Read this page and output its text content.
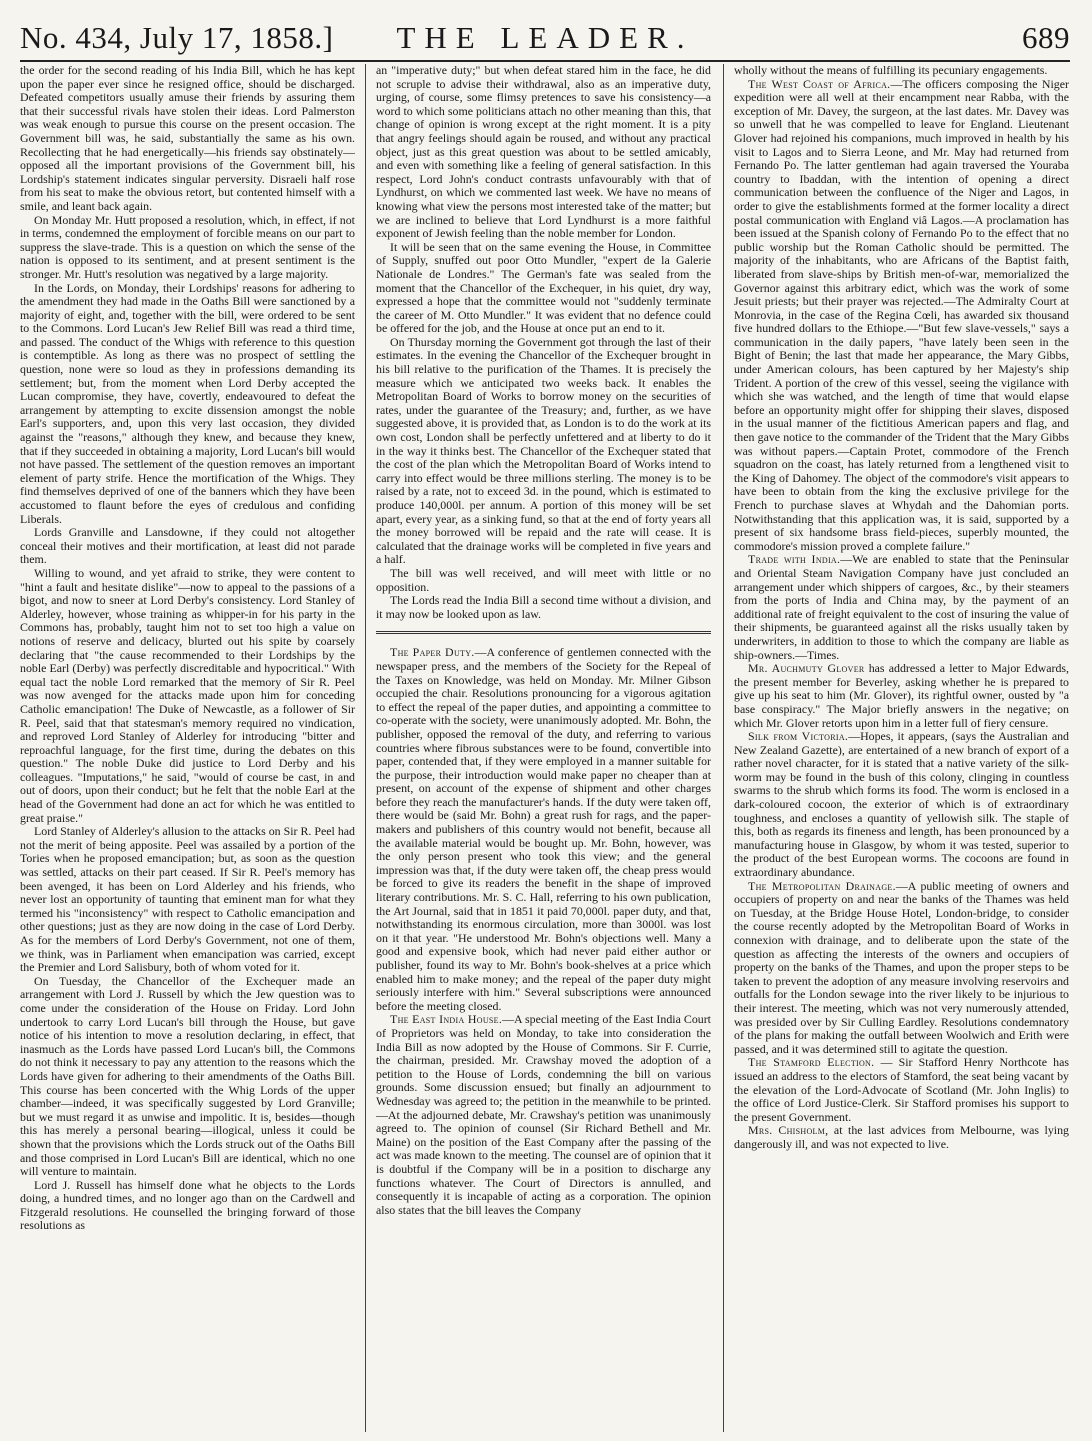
No. 434, July 17, 1858.]	THE LEADER.	689

the order for the second reading of his India Bill, which he has kept upon the paper ever since he resigned office, should be discharged. Defeated competitors usually amuse their friends by assuring them that their successful rivals have stolen their ideas. Lord Palmerston was weak enough to pursue this course on the present occasion. The Government bill was, he said, substantially the same as his own. Recollecting that he had energetically—his friends say obstinately—opposed all the important provisions of the Government bill, his Lordship's statement indicates singular perversity. Disraeli half rose from his seat to make the obvious retort, but contented himself with a smile, and leant back again.

On Monday Mr. Hutt proposed a resolution, which, in effect, if not in terms, condemned the employment of forcible means on our part to suppress the slave-trade. This is a question on which the sense of the nation is opposed to its sentiment, and at present sentiment is the stronger. Mr. Hutt's resolution was negatived by a large majority.

In the Lords, on Monday, their Lordships' reasons for adhering to the amendment they had made in the Oaths Bill were sanctioned by a majority of eight, and, together with the bill, were ordered to be sent to the Commons. Lord Lucan's Jew Relief Bill was read a third time, and passed. The conduct of the Whigs with reference to this question is contemptible. As long as there was no prospect of settling the question, none were so loud as they in professions demanding its settlement; but, from the moment when Lord Derby accepted the Lucan compromise, they have, covertly, endeavoured to defeat the arrangement by attempting to excite dissension amongst the noble Earl's supporters, and, upon this very last occasion, they divided against the "reasons," although they knew, and because they knew, that if they succeeded in obtaining a majority, Lord Lucan's bill would not have passed. The settlement of the question removes an important element of party strife. Hence the mortification of the Whigs. They find themselves deprived of one of the banners which they have been accustomed to flaunt before the eyes of credulous and confiding Liberals.

Lords Granville and Lansdowne, if they could not altogether conceal their motives and their mortification, at least did not parade them.

Willing to wound, and yet afraid to strike, they were content to "hint a fault and hesitate dislike"—now to appeal to the passions of a bigot, and now to sneer at Lord Derby's consistency. Lord Stanley of Alderley, however, whose training as whipper-in for his party in the Commons has, probably, taught him not to set too high a value on notions of reserve and delicacy, blurted out his spite by coarsely declaring that "the cause recommended to their Lordships by the noble Earl (Derby) was perfectly discreditable and hypocritical." With equal tact the noble Lord remarked that the memory of Sir R. Peel was now avenged for the attacks made upon him for conceding Catholic emancipation! The Duke of Newcastle, as a follower of Sir R. Peel, said that that statesman's memory required no vindication, and reproved Lord Stanley of Alderley for introducing "bitter and reproachful language, for the first time, during the debates on this question." The noble Duke did justice to Lord Derby and his colleagues. "Imputations," he said, "would of course be cast, in and out of doors, upon their conduct; but he felt that the noble Earl at the head of the Government had done an act for which he was entitled to great praise."

Lord Stanley of Alderley's allusion to the attacks on Sir R. Peel had not the merit of being apposite. Peel was assailed by a portion of the Tories when he proposed emancipation; but, as soon as the question was settled, attacks on their part ceased. If Sir R. Peel's memory has been avenged, it has been on Lord Alderley and his friends, who never lost an opportunity of taunting that eminent man for what they termed his "inconsistency" with respect to Catholic emancipation and other questions; just as they are now doing in the case of Lord Derby. As for the members of Lord Derby's Government, not one of them, we think, was in Parliament when emancipation was carried, except the Premier and Lord Salisbury, both of whom voted for it.

On Tuesday, the Chancellor of the Exchequer made an arrangement with Lord J. Russell by which the Jew question was to come under the consideration of the House on Friday. Lord John undertook to carry Lord Lucan's bill through the House, but gave notice of his intention to move a resolution declaring, in effect, that inasmuch as the Lords have passed Lord Lucan's bill, the Commons do not think it necessary to pay any attention to the reasons which the Lords have given for adhering to their amendments of the Oaths Bill. This course has been concerted with the Whig Lords of the upper chamber—indeed, it was specifically suggested by Lord Granville; but we must regard it as unwise and impolitic. It is, besides—though this has merely a personal bearing—illogical, unless it could be shown that the provisions which the Lords struck out of the Oaths Bill and those comprised in Lord Lucan's Bill are identical, which no one will venture to maintain.

Lord J. Russell has himself done what he objects to the Lords doing, a hundred times, and no longer ago than on the Cardwell and Fitzgerald resolutions. He counselled the bringing forward of those resolutions as

an "imperative duty;" but when defeat stared him in the face, he did not scruple to advise their withdrawal, also as an imperative duty, urging, of course, some flimsy pretences to save his consistency—a word to which some politicians attach no other meaning than this, that change of opinion is wrong except at the right moment. It is a pity that angry feelings should again be roused, and without any practical object, just as this great question was about to be settled amicably, and even with something like a feeling of general satisfaction. In this respect, Lord John's conduct contrasts unfavourably with that of Lyndhurst, on which we commented last week. We have no means of knowing what view the persons most interested take of the matter; but we are inclined to believe that Lord Lyndhurst is a more faithful exponent of Jewish feeling than the noble member for London.

It will be seen that on the same evening the House, in Committee of Supply, snuffed out poor Otto Mundler, "expert de la Galerie Nationale de Londres." The German's fate was sealed from the moment that the Chancellor of the Exchequer, in his quiet, dry way, expressed a hope that the committee would not "suddenly terminate the career of M. Otto Mundler." It was evident that no defence could be offered for the job, and the House at once put an end to it.

On Thursday morning the Government got through the last of their estimates. In the evening the Chancellor of the Exchequer brought in his bill relative to the purification of the Thames. It is precisely the measure which we anticipated two weeks back. It enables the Metropolitan Board of Works to borrow money on the securities of rates, under the guarantee of the Treasury; and, further, as we have suggested above, it is provided that, as London is to do the work at its own cost, London shall be perfectly unfettered and at liberty to do it in the way it thinks best. The Chancellor of the Exchequer stated that the cost of the plan which the Metropolitan Board of Works intend to carry into effect would be three millions sterling. The money is to be raised by a rate, not to exceed 3d. in the pound, which is estimated to produce 140,000l. per annum. A portion of this money will be set apart, every year, as a sinking fund, so that at the end of forty years all the money borrowed will be repaid and the rate will cease. It is calculated that the drainage works will be completed in five years and a half.

The bill was well received, and will meet with little or no opposition.

The Lords read the India Bill a second time without a division, and it may now be looked upon as law.

The Paper Duty.—A conference of gentlemen connected with the newspaper press, and the members of the Society for the Repeal of the Taxes on Knowledge, was held on Monday. Mr. Milner Gibson occupied the chair. Resolutions pronouncing for a vigorous agitation to effect the repeal of the paper duties, and appointing a committee to co-operate with the society, were unanimously adopted. Mr. Bohn, the publisher, opposed the removal of the duty, and referring to various countries where fibrous substances were to be found, convertible into paper, contended that, if they were employed in a manner suitable for the purpose, their introduction would make paper no cheaper than at present, on account of the expense of shipment and other charges before they reach the manufacturer's hands. If the duty were taken off, there would be (said Mr. Bohn) a great rush for rags, and the paper-makers and publishers of this country would not benefit, because all the available material would be bought up. Mr. Bohn, however, was the only person present who took this view; and the general impression was that, if the duty were taken off, the cheap press would be forced to give its readers the benefit in the shape of improved literary contributions. Mr. S. C. Hall, referring to his own publication, the Art Journal, said that in 1851 it paid 70,000l. paper duty, and that, notwithstanding its enormous circulation, more than 3000l. was lost on it that year. "He understood Mr. Bohn's objections well. Many a good and expensive book, which had never paid either author or publisher, found its way to Mr. Bohn's book-shelves at a price which enabled him to make money; and the repeal of the paper duty might seriously interfere with him." Several subscriptions were announced before the meeting closed.

The East India House.—A special meeting of the East India Court of Proprietors was held on Monday, to take into consideration the India Bill as now adopted by the House of Commons. Sir F. Currie, the chairman, presided. Mr. Crawshay moved the adoption of a petition to the House of Lords, condemning the bill on various grounds. Some discussion ensued; but finally an adjournment to Wednesday was agreed to; the petition in the meanwhile to be printed.—At the adjourned debate, Mr. Crawshay's petition was unanimously agreed to. The opinion of counsel (Sir Richard Bethell and Mr. Maine) on the position of the East Company after the passing of the act was made known to the meeting. The counsel are of opinion that it is doubtful if the Company will be in a position to discharge any functions whatever. The Court of Directors is annulled, and consequently it is incapable of acting as a corporation. The opinion also states that the bill leaves the Company

wholly without the means of fulfilling its pecuniary engagements.

The West Coast of Africa.—The officers composing the Niger expedition were all well at their encampment near Rabba, with the exception of Mr. Davey, the surgeon, at the last dates. Mr. Davey was so unwell that he was compelled to leave for England. Lieutenant Glover had rejoined his companions, much improved in health by his visit to Lagos and to Sierra Leone, and Mr. May had returned from Fernando Po. The latter gentleman had again traversed the Youraba country to Ibaddan, with the intention of opening a direct communication between the confluence of the Niger and Lagos, in order to give the establishments formed at the former locality a direct postal communication with England viâ Lagos.—A proclamation has been issued at the Spanish colony of Fernando Po to the effect that no public worship but the Roman Catholic should be permitted. The majority of the inhabitants, who are Africans of the Baptist faith, liberated from slave-ships by British men-of-war, memorialized the Governor against this arbitrary edict, which was the work of some Jesuit priests; but their prayer was rejected.—The Admiralty Court at Monrovia, in the case of the Regina Cœli, has awarded six thousand five hundred dollars to the Ethiope.—"But few slave-vessels," says a communication in the daily papers, "have lately been seen in the Bight of Benin; the last that made her appearance, the Mary Gibbs, under American colours, has been captured by her Majesty's ship Trident. A portion of the crew of this vessel, seeing the vigilance with which she was watched, and the length of time that would elapse before an opportunity might offer for shipping their slaves, disposed in the usual manner of the fictitious American papers and flag, and then gave notice to the commander of the Trident that the Mary Gibbs was without papers.—Captain Protet, commodore of the French squadron on the coast, has lately returned from a lengthened visit to the King of Dahomey. The object of the commodore's visit appears to have been to obtain from the king the exclusive privilege for the French to purchase slaves at Whydah and the Dahomian ports. Notwithstanding that this application was, it is said, supported by a present of six handsome brass field-pieces, superbly mounted, the commodore's mission proved a complete failure."

Trade with India.—We are enabled to state that the Peninsular and Oriental Steam Navigation Company have just concluded an arrangement under which shippers of cargoes, &c., by their steamers from the ports of India and China may, by the payment of an additional rate of freight equivalent to the cost of insuring the value of their shipments, be guaranteed against all the risks usually taken by underwriters, in addition to those to which the company are liable as ship-owners.—Times.

Mr. Auchmuty Glover has addressed a letter to Major Edwards, the present member for Beverley, asking whether he is prepared to give up his seat to him (Mr. Glover), its rightful owner, ousted by "a base conspiracy." The Major briefly answers in the negative; on which Mr. Glover retorts upon him in a letter full of fiery censure.

Silk from Victoria.—Hopes, it appears, (says the Australian and New Zealand Gazette), are entertained of a new branch of export of a rather novel character, for it is stated that a native variety of the silk-worm may be found in the bush of this colony, clinging in countless swarms to the shrub which forms its food. The worm is enclosed in a dark-coloured cocoon, the exterior of which is of extraordinary toughness, and encloses a quantity of yellowish silk. The staple of this, both as regards its fineness and length, has been pronounced by a manufacturing house in Glasgow, by whom it was tested, superior to the product of the best European worms. The cocoons are found in extraordinary abundance.

The Metropolitan Drainage.—A public meeting of owners and occupiers of property on and near the banks of the Thames was held on Tuesday, at the Bridge House Hotel, London-bridge, to consider the course recently adopted by the Metropolitan Board of Works in connexion with drainage, and to deliberate upon the state of the question as affecting the interests of the owners and occupiers of property on the banks of the Thames, and upon the proper steps to be taken to prevent the adoption of any measure involving reservoirs and outfalls for the London sewage into the river likely to be injurious to their interest. The meeting, which was not very numerously attended, was presided over by Sir Culling Eardley. Resolutions condemnatory of the plans for making the outfall between Woolwich and Erith were passed, and it was determined still to agitate the question.

The Stamford Election. — Sir Stafford Henry Northcote has issued an address to the electors of Stamford, the seat being vacant by the elevation of the Lord-Advocate of Scotland (Mr. John Inglis) to the office of Lord Justice-Clerk. Sir Stafford promises his support to the present Government.

Mrs. Chisholm, at the last advices from Melbourne, was lying dangerously ill, and was not expected to live.
